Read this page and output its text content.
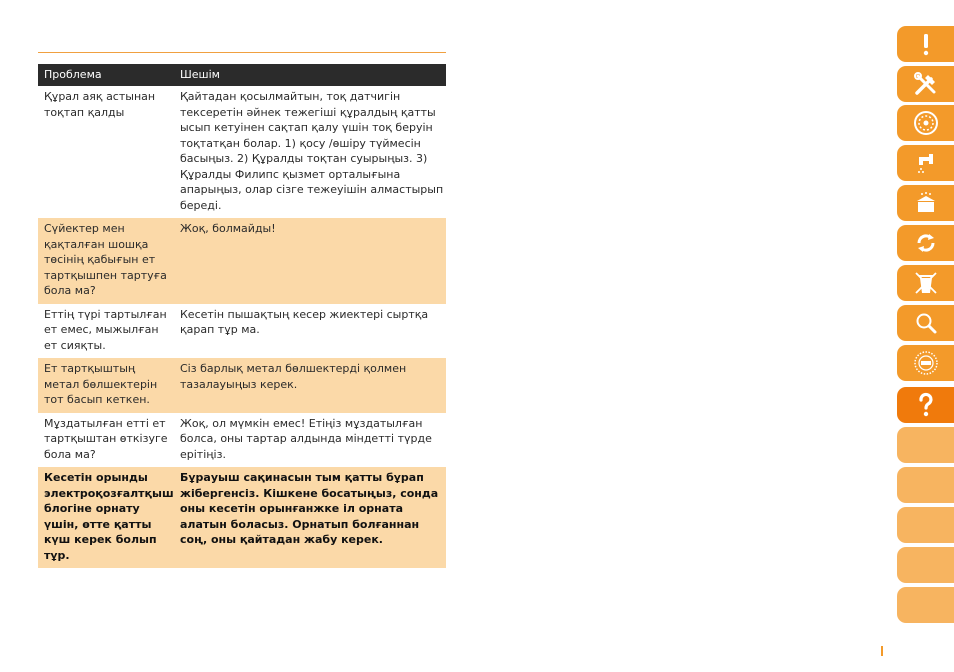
Проблема	Шешім
Құрал аяқ астынан тоқтап қалды
Қайтадан қосылмайтын, тоқ датчигін тексеретін әйнек тежегіші құралдың қатты ысып кетуінен сақтап қалу үшін тоқ беруін тоқтатқан болар. 1) қосу /өшіру түймесін басыңыз. 2) Құралды тоқтан суырыңыз. 3) Құралды Филипс қызмет орталығына апарыңыз, олар сізге тежеуішін алмастырып береді.
Сүйектер мен қақталған шошқа төсінің қабығын ет тартқышпен тартуға бола ма?
Жоқ, болмайды!
Еттің түрі тартылған ет емес, мыжылған ет сияқты.
Кесетін пышақтың кесер жиектері сыртқа қарап тұр ма.
Ет тартқыштың метал бөлшектерін тот басып кеткен.
Сіз барлық метал бөлшектерді қолмен тазалауыңыз керек.
Мұздатылған етті ет тартқыштан өткізуге бола ма?
Жоқ, ол мүмкін емес! Етіңіз мұздатылған болса, оны тартар алдында міндетті түрде ерітіңіз.
Кесетін орынды электроқозғалтқыш блогіне орнату үшін, өтте қатты күш керек болып тұр.
Бұрауыш сақинасын тым қатты бұрап жібергенсіз. Кішкене босатыңыз, сонда оны кесетін орынғанжке іл орната алатын боласыз. Орнатып болғаннан соң, оны қайтадан жабу керек.
